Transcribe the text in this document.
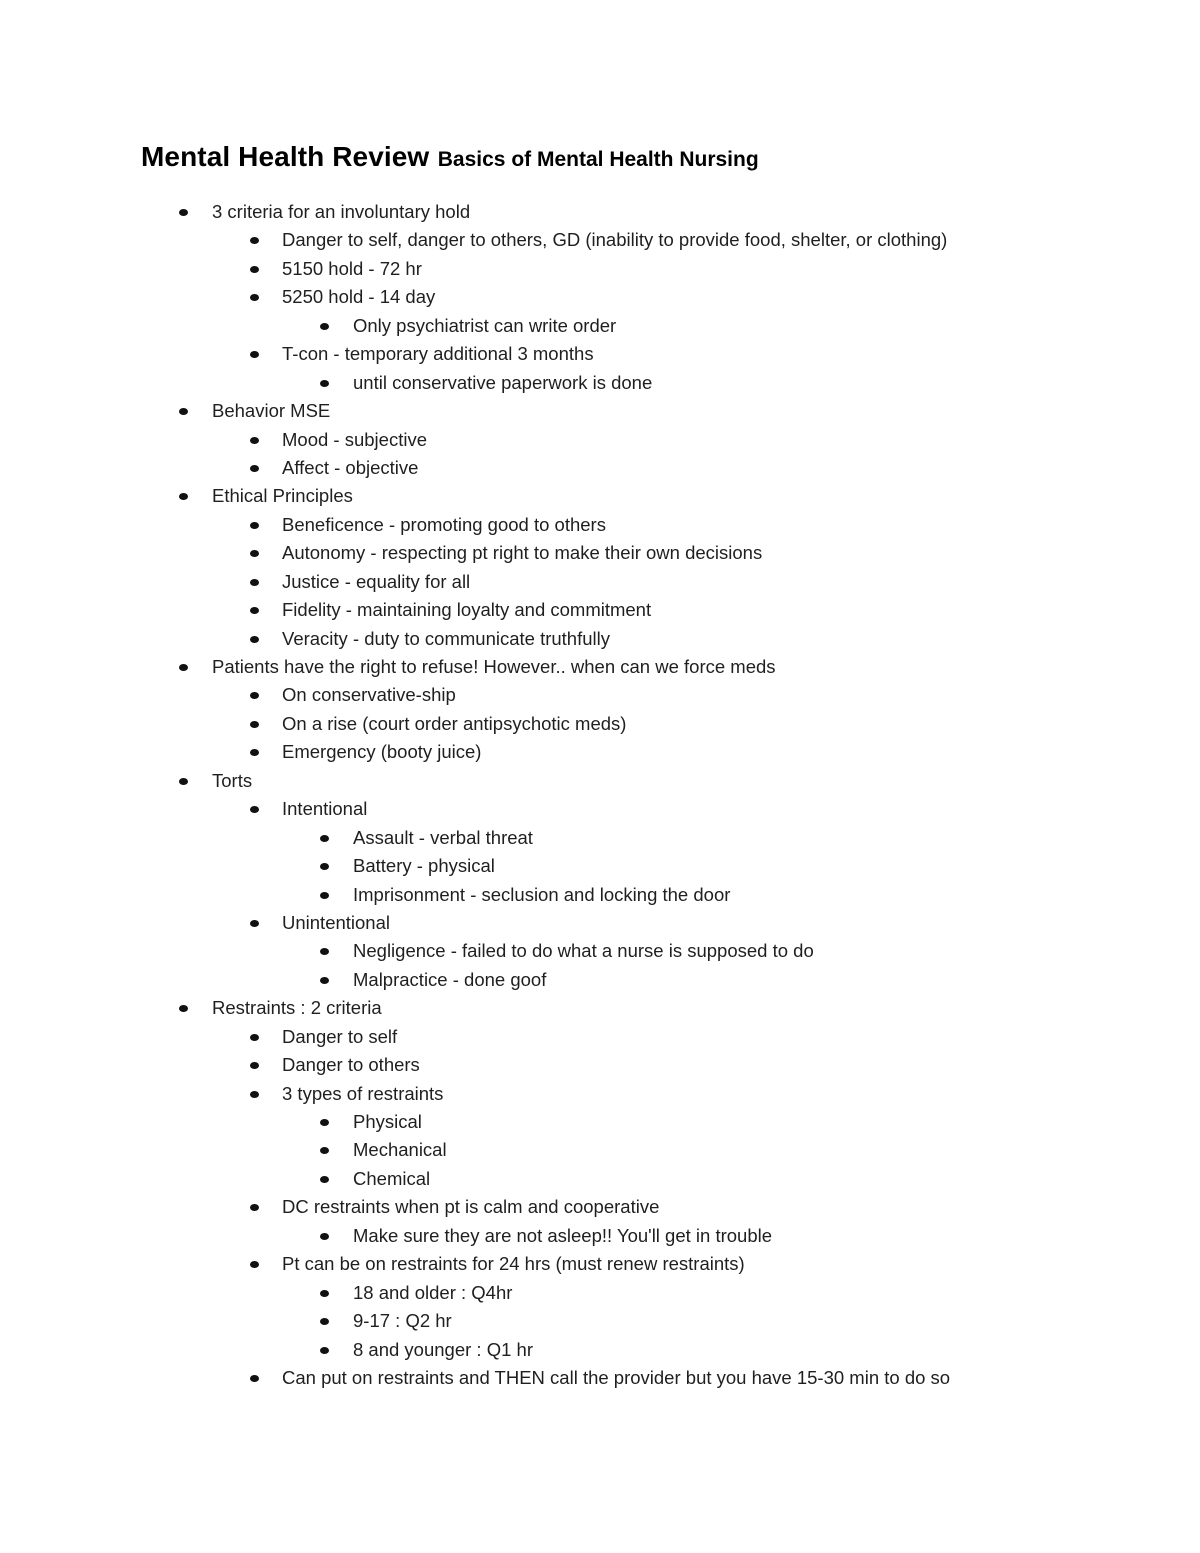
Mental Health Review Basics of Mental Health Nursing
3 criteria for an involuntary hold
Danger to self, danger to others, GD (inability to provide food, shelter, or clothing)
5150 hold - 72 hr
5250 hold - 14 day
Only psychiatrist can write order
T-con - temporary additional 3 months
until conservative paperwork is done
Behavior MSE
Mood - subjective
Affect - objective
Ethical Principles
Beneficence - promoting good to others
Autonomy - respecting pt right to make their own decisions
Justice - equality for all
Fidelity - maintaining loyalty and commitment
Veracity - duty to communicate truthfully
Patients have the right to refuse! However.. when can we force meds
On conservative-ship
On a rise (court order antipsychotic meds)
Emergency (booty juice)
Torts
Intentional
Assault - verbal threat
Battery - physical
Imprisonment - seclusion and locking the door
Unintentional
Negligence - failed to do what a nurse is supposed to do
Malpractice - done goof
Restraints : 2 criteria
Danger to self
Danger to others
3 types of restraints
Physical
Mechanical
Chemical
DC restraints when pt is calm and cooperative
Make sure they are not asleep!! You'll get in trouble
Pt can be on restraints for 24 hrs (must renew restraints)
18 and older : Q4hr
9-17 : Q2 hr
8 and younger : Q1 hr
Can put on restraints and THEN call the provider but you have 15-30 min to do so
